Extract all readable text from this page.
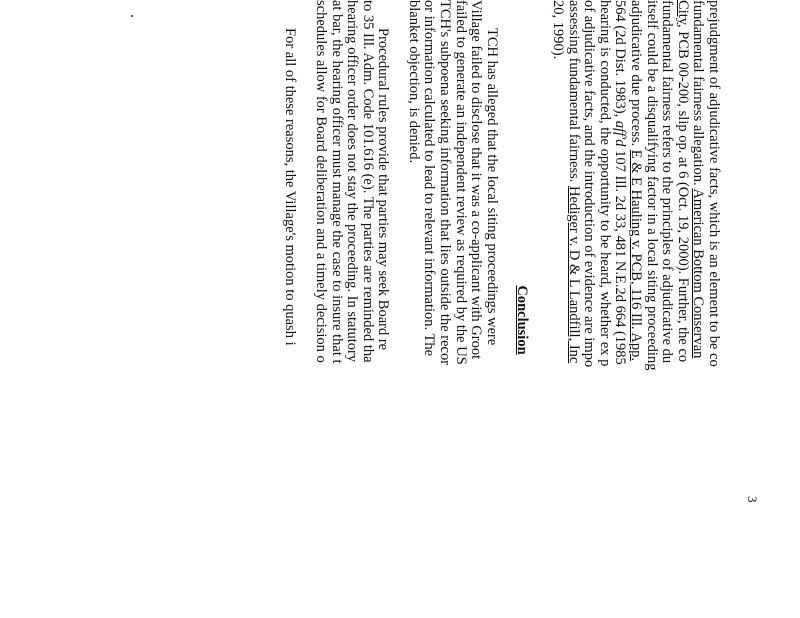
3

prejudgment of adjudicative facts, which is an element to be co
fundamental fairness allegation. American Bottom Conservan
City, PCB 00-200, slip op. at 6 (Oct. 19, 2000). Further, the co
fundamental fairness refers to the principles of adjudicative du
itself could be a disqualifying factor in a local siting proceeding
adjudicative due process. E & E Hauling v. PCB, 116 Ill. App.
564 (2d Dist. 1983), aff'd 107 Ill. 2d 33, 481 N.E.2d 664 (1985
hearing is conducted, the opportunity to be heard, whether ex p
of adjudicative facts, and the introduction of evidence are impo
assessing fundamental fairness. Hediger v. D & L Landfill, Inc
20, 1990).

Conclusion

TCH has alleged that the local siting proceedings were
Village failed to disclose that it was a co-applicant with Groot
failed to generate an independent review as required by the US
TCH's subpoena seeking information that lies outside the recor
or information calculated to lead to relevant information. The
blanket objection, is denied.

Procedural rules provide that parties may seek Board re
to 35 Ill. Adm. Code 101.616 (e). The parties are reminded tha
hearing officer order does not stay the proceeding. In statutory
at bar, the hearing officer must manage the case to insure that t
schedules allow for Board deliberation and a timely decision o

For all of these reasons, the Village's motion to quash i
